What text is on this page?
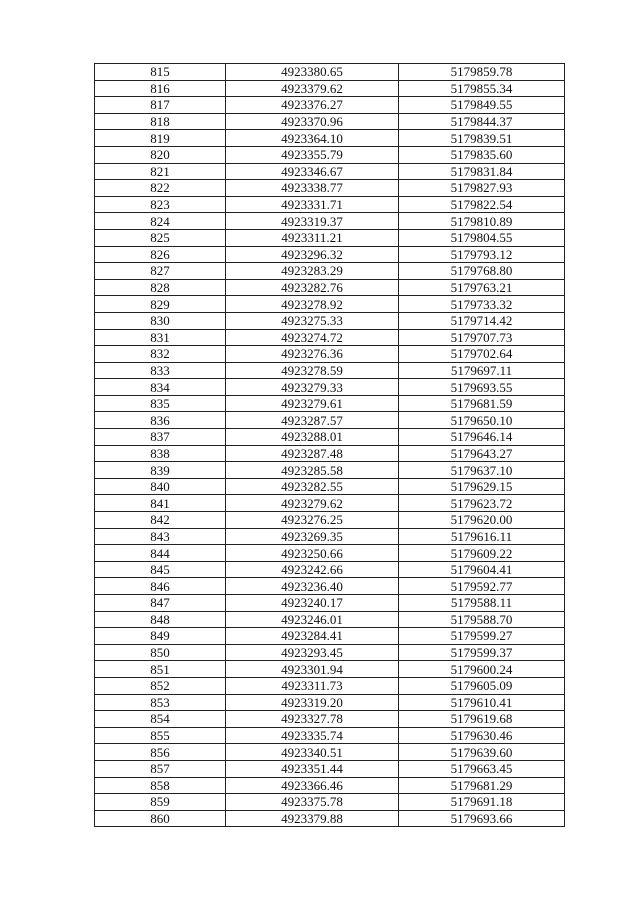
815	4923380.65	5179859.78
816	4923379.62	5179855.34
817	4923376.27	5179849.55
818	4923370.96	5179844.37
819	4923364.10	5179839.51
820	4923355.79	5179835.60
821	4923346.67	5179831.84
822	4923338.77	5179827.93
823	4923331.71	5179822.54
824	4923319.37	5179810.89
825	4923311.21	5179804.55
826	4923296.32	5179793.12
827	4923283.29	5179768.80
828	4923282.76	5179763.21
829	4923278.92	5179733.32
830	4923275.33	5179714.42
831	4923274.72	5179707.73
832	4923276.36	5179702.64
833	4923278.59	5179697.11
834	4923279.33	5179693.55
835	4923279.61	5179681.59
836	4923287.57	5179650.10
837	4923288.01	5179646.14
838	4923287.48	5179643.27
839	4923285.58	5179637.10
840	4923282.55	5179629.15
841	4923279.62	5179623.72
842	4923276.25	5179620.00
843	4923269.35	5179616.11
844	4923250.66	5179609.22
845	4923242.66	5179604.41
846	4923236.40	5179592.77
847	4923240.17	5179588.11
848	4923246.01	5179588.70
849	4923284.41	5179599.27
850	4923293.45	5179599.37
851	4923301.94	5179600.24
852	4923311.73	5179605.09
853	4923319.20	5179610.41
854	4923327.78	5179619.68
855	4923335.74	5179630.46
856	4923340.51	5179639.60
857	4923351.44	5179663.45
858	4923366.46	5179681.29
859	4923375.78	5179691.18
860	4923379.88	5179693.66
